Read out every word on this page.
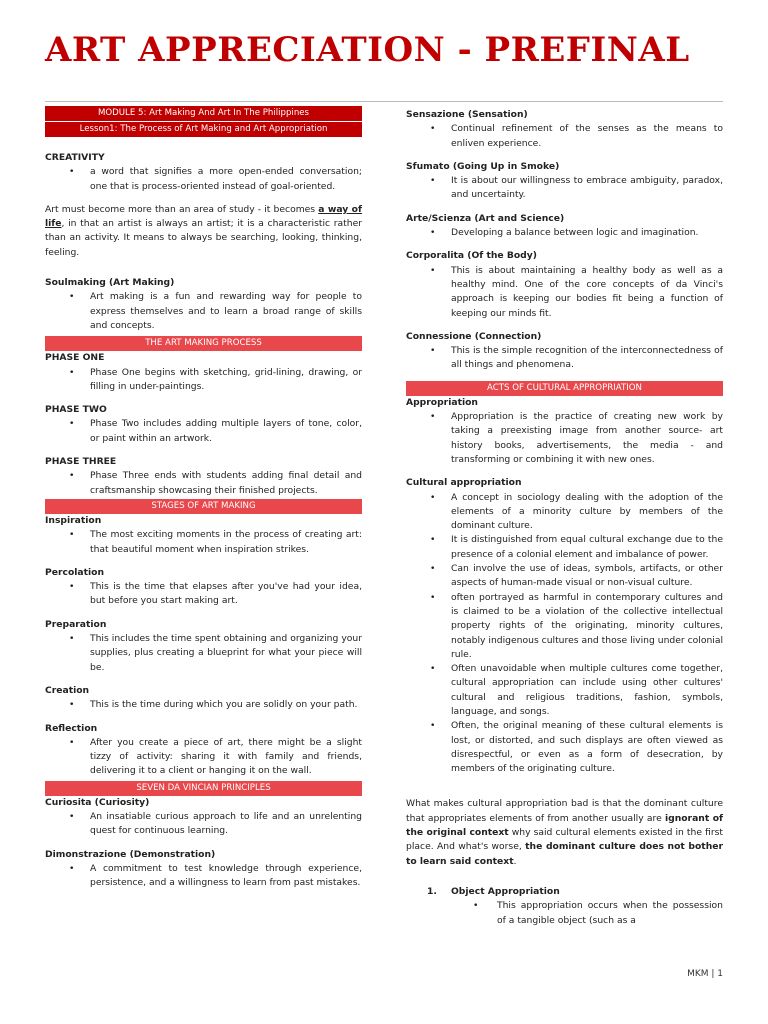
ART APPRECIATION - PREFINAL
MODULE 5: Art Making And Art In The Philippines
Lesson1: The Process of Art Making and Art Appropriation

CREATIVITY

• a word that signifies a more open-ended conversation; one that is process-oriented instead of goal-oriented.

Art must become more than an area of study - it becomes a way of life, in that an artist is always an artist; it is a characteristic rather than an activity. It means to always be searching, looking, thinking, feeling.

Soulmaking (Art Making)

• Art making is a fun and rewarding way for people to express themselves and to learn a broad range of skills and concepts.
THE ART MAKING PROCESS

PHASE ONE

• Phase One begins with sketching, grid-lining, drawing, or filling in under-paintings.

PHASE TWO

• Phase Two includes adding multiple layers of tone, color, or paint within an artwork.

PHASE THREE

• Phase Three ends with students adding final detail and craftsmanship showcasing their finished projects.
STAGES OF ART MAKING

Inspiration

• The most exciting moments in the process of creating art: that beautiful moment when inspiration strikes.

Percolation

• This is the time that elapses after you've had your idea, but before you start making art.

Preparation

• This includes the time spent obtaining and organizing your supplies, plus creating a blueprint for what your piece will be.

Creation

• This is the time during which you are solidly on your path.

Reflection

• After you create a piece of art, there might be a slight tizzy of activity: sharing it with family and friends, delivering it to a client or hanging it on the wall.
SEVEN DA VINCIAN PRINCIPLES

Curiosita (Curiosity)

• An insatiable curious approach to life and an unrelenting quest for continuous learning.

Dimonstrazione (Demonstration)

• A commitment to test knowledge through experience, persistence, and a willingness to learn from past mistakes.

Sensazione (Sensation)

• Continual refinement of the senses as the means to enliven experience.

Sfumato (Going Up in Smoke)

• It is about our willingness to embrace ambiguity, paradox, and uncertainty.

Arte/Scienza (Art and Science)

• Developing a balance between logic and imagination.

Corporalita (Of the Body)

• This is about maintaining a healthy body as well as a healthy mind. One of the core concepts of da Vinci's approach is keeping our bodies fit being a function of keeping our minds fit.

Connessione (Connection)

• This is the simple recognition of the interconnectedness of all things and phenomena.
ACTS OF CULTURAL APPROPRIATION

Appropriation

• Appropriation is the practice of creating new work by taking a preexisting image from another source- art history books, advertisements, the media - and transforming or combining it with new ones.

Cultural appropriation

• A concept in sociology dealing with the adoption of the elements of a minority culture by members of the dominant culture.
• It is distinguished from equal cultural exchange due to the presence of a colonial element and imbalance of power.
• Can involve the use of ideas, symbols, artifacts, or other aspects of human-made visual or non-visual culture.
• often portrayed as harmful in contemporary cultures and is claimed to be a violation of the collective intellectual property rights of the originating, minority cultures, notably indigenous cultures and those living under colonial rule.
• Often unavoidable when multiple cultures come together, cultural appropriation can include using other cultures' cultural and religious traditions, fashion, symbols, language, and songs.
• Often, the original meaning of these cultural elements is lost, or distorted, and such displays are often viewed as disrespectful, or even as a form of desecration, by members of the originating culture.

What makes cultural appropriation bad is that the dominant culture that appropriates elements of from another usually are ignorant of the original context why said cultural elements existed in the first place. And what's worse, the dominant culture does not bother to learn said context.

1. Object Appropriation
• This appropriation occurs when the possession of a tangible object (such as a
MKM | 1
